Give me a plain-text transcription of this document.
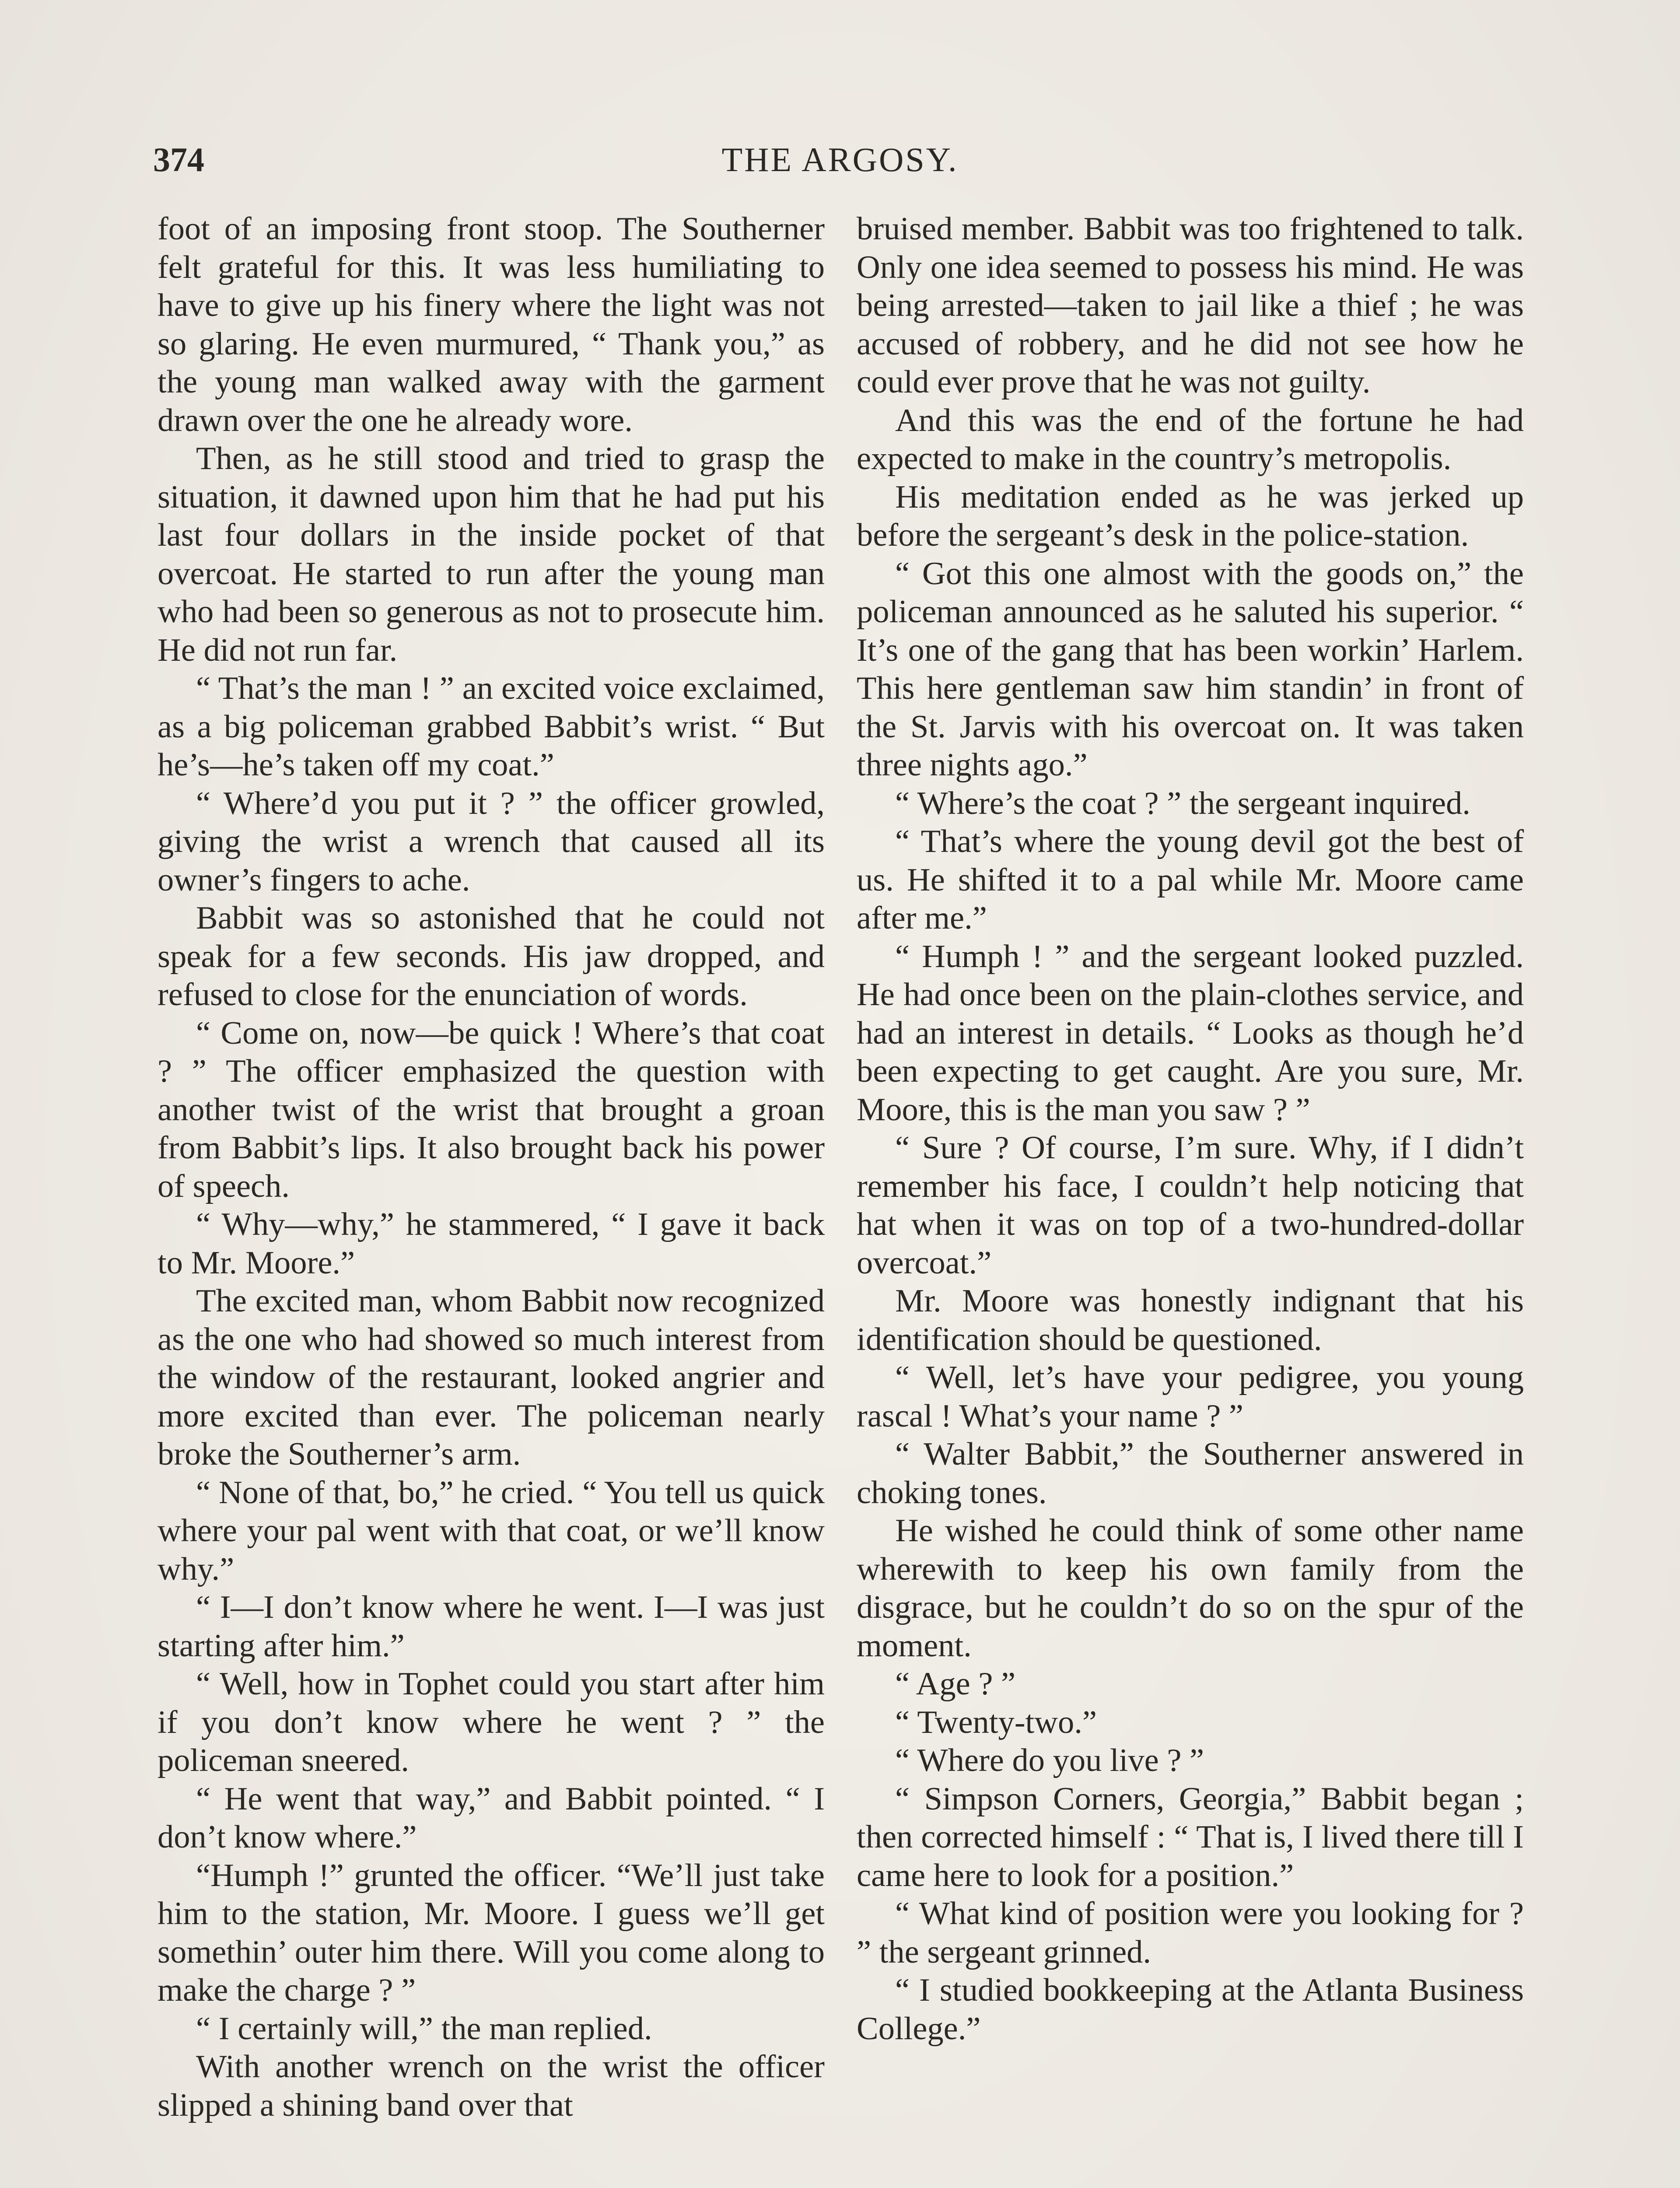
374	THE ARGOSY.

foot of an imposing front stoop. The Southerner felt grateful for this. It was less humiliating to have to give up his finery where the light was not so glaring. He even murmured, “ Thank you,” as the young man walked away with the garment drawn over the one he already wore.

Then, as he still stood and tried to grasp the situation, it dawned upon him that he had put his last four dollars in the inside pocket of that overcoat. He started to run after the young man who had been so generous as not to prosecute him. He did not run far.

“ That’s the man ! ” an excited voice exclaimed, as a big policeman grabbed Babbit’s wrist. “ But he’s—he’s taken off my coat.”

“ Where’d you put it ? ” the officer growled, giving the wrist a wrench that caused all its owner’s fingers to ache.

Babbit was so astonished that he could not speak for a few seconds. His jaw dropped, and refused to close for the enunciation of words.

“ Come on, now—be quick ! Where’s that coat ? ” The officer emphasized the question with another twist of the wrist that brought a groan from Babbit’s lips. It also brought back his power of speech.

“ Why—why,” he stammered, “ I gave it back to Mr. Moore.”

The excited man, whom Babbit now recognized as the one who had showed so much interest from the window of the restaurant, looked angrier and more excited than ever. The policeman nearly broke the Southerner’s arm.

“ None of that, bo,” he cried. “ You tell us quick where your pal went with that coat, or we’ll know why.”

“ I—I don’t know where he went. I—I was just starting after him.”

“ Well, how in Tophet could you start after him if you don’t know where he went ? ” the policeman sneered.

“ He went that way,” and Babbit pointed. “ I don’t know where.”

“Humph !” grunted the officer. “We’ll just take him to the station, Mr. Moore. I guess we’ll get somethin’ outer him there. Will you come along to make the charge ? ”

“ I certainly will,” the man replied.

With another wrench on the wrist the officer slipped a shining band over that

bruised member. Babbit was too frightened to talk. Only one idea seemed to possess his mind. He was being arrested—taken to jail like a thief ; he was accused of robbery, and he did not see how he could ever prove that he was not guilty.

And this was the end of the fortune he had expected to make in the country’s metropolis.

His meditation ended as he was jerked up before the sergeant’s desk in the police-station.

“ Got this one almost with the goods on,” the policeman announced as he saluted his superior. “ It’s one of the gang that has been workin’ Harlem. This here gentleman saw him standin’ in front of the St. Jarvis with his overcoat on. It was taken three nights ago.”

“ Where’s the coat ? ” the sergeant inquired.

“ That’s where the young devil got the best of us. He shifted it to a pal while Mr. Moore came after me.”

“ Humph ! ” and the sergeant looked puzzled. He had once been on the plain-clothes service, and had an interest in details. “ Looks as though he’d been expecting to get caught. Are you sure, Mr. Moore, this is the man you saw ? ”

“ Sure ? Of course, I’m sure. Why, if I didn’t remember his face, I couldn’t help noticing that hat when it was on top of a two-hundred-dollar overcoat.”

Mr. Moore was honestly indignant that his identification should be questioned.

“ Well, let’s have your pedigree, you young rascal ! What’s your name ? ”

“ Walter Babbit,” the Southerner answered in choking tones.

He wished he could think of some other name wherewith to keep his own family from the disgrace, but he couldn’t do so on the spur of the moment.

“ Age ? ”

“ Twenty-two.”

“ Where do you live ? ”

“ Simpson Corners, Georgia,” Babbit began ; then corrected himself : “ That is, I lived there till I came here to look for a position.”

“ What kind of position were you looking for ? ” the sergeant grinned.

“ I studied bookkeeping at the Atlanta Business College.”
